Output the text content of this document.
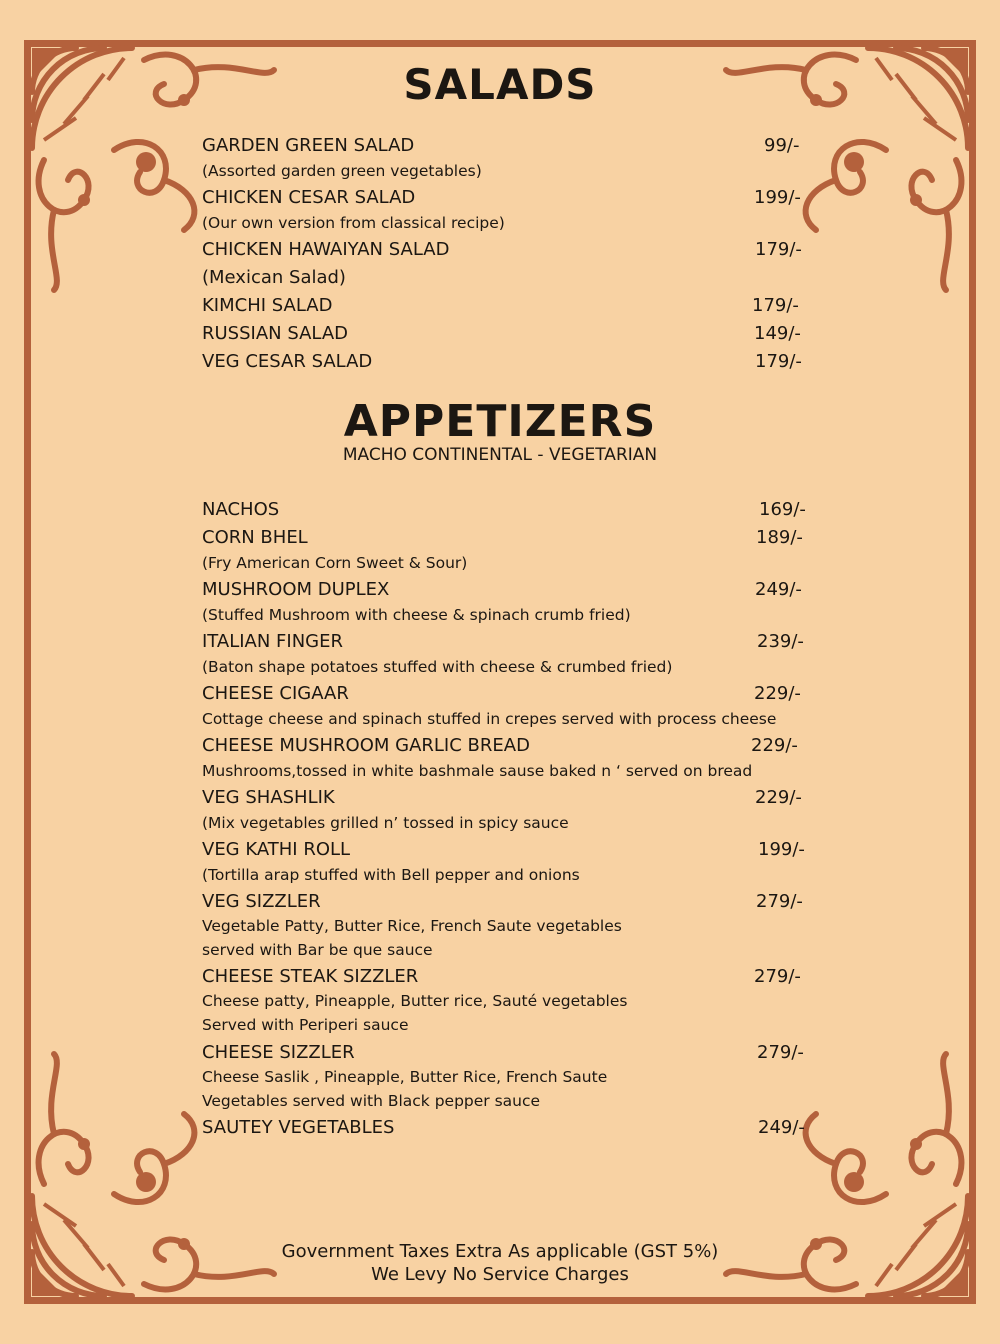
SALADS
GARDEN GREEN SALAD	99/-
(Assorted garden green vegetables)
CHICKEN CESAR SALAD	199/-
(Our own version from classical recipe)
CHICKEN HAWAIYAN SALAD	179/-
(Mexican Salad)
KIMCHI SALAD	179/-
RUSSIAN SALAD	149/-
VEG CESAR SALAD	179/-
APPETIZERS

MACHO CONTINENTAL - VEGETARIAN

NACHOS	169/-
CORN BHEL	189/-
(Fry American Corn Sweet & Sour)
MUSHROOM DUPLEX	249/-
(Stuffed Mushroom with cheese & spinach crumb fried)
ITALIAN FINGER	239/-
(Baton shape potatoes stuffed with cheese & crumbed fried)
CHEESE CIGAAR	229/-
Cottage cheese and spinach stuffed in crepes served with process cheese
CHEESE MUSHROOM GARLIC BREAD	229/-
Mushrooms,tossed in white bashmale sause baked n ‘ served on bread
VEG SHASHLIK	229/-
(Mix vegetables grilled n’ tossed in spicy sauce
VEG KATHI ROLL	199/-
(Tortilla arap stuffed with Bell pepper and onions
VEG SIZZLER	279/-
Vegetable Patty, Butter Rice, French Saute vegetables
served with Bar be que sauce
CHEESE STEAK SIZZLER	279/-
Cheese patty, Pineapple, Butter rice, Sauté vegetables
Served with Periperi sauce
CHEESE SIZZLER	279/-
Cheese Saslik , Pineapple, Butter Rice, French Saute
Vegetables served with Black pepper sauce
SAUTEY VEGETABLES	249/-
Government Taxes Extra As applicable (GST 5%)
We Levy No Service Charges
